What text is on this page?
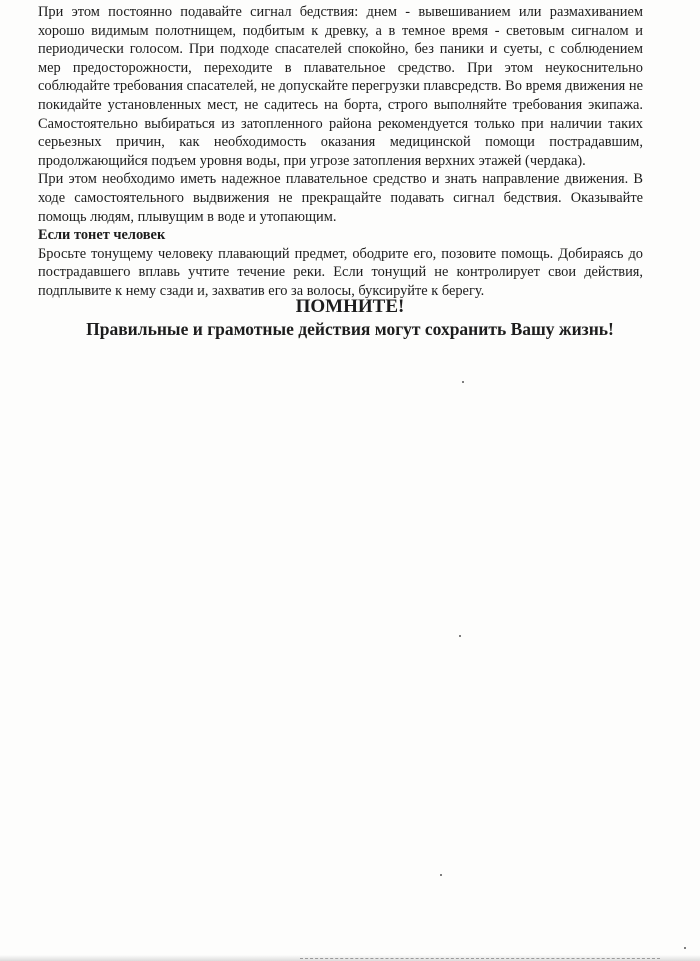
При этом постоянно подавайте сигнал бедствия: днем - вывешиванием или размахиванием хорошо видимым полотнищем, подбитым к древку, а в темное время - световым сигналом и периодически голосом. При подходе спасателей спокойно, без паники и суеты, с соблюдением мер предосторожности, переходите в плавательное средство. При этом неукоснительно соблюдайте требования спасателей, не допускайте перегрузки плавсредств. Во время движения не покидайте установленных мест, не садитесь на борта, строго выполняйте требования экипажа. Самостоятельно выбираться из затопленного района рекомендуется только при наличии таких серьезных причин, как необходимость оказания медицинской помощи пострадавшим, продолжающийся подъем уровня воды, при угрозе затопления верхних этажей (чердака).

При этом необходимо иметь надежное плавательное средство и знать направление движения. В ходе самостоятельного выдвижения не прекращайте подавать сигнал бедствия. Оказывайте помощь людям, плывущим в воде и утопающим.

Если тонет человек

Бросьте тонущему человеку плавающий предмет, ободрите его, позовите помощь. Добираясь до пострадавшего вплавь учтите течение реки. Если тонущий не контролирует свои действия, подплывите к нему сзади и, захватив его за волосы, буксируйте к берегу.

ПОМНИТЕ!

Правильные и грамотные действия могут сохранить Вашу жизнь!
